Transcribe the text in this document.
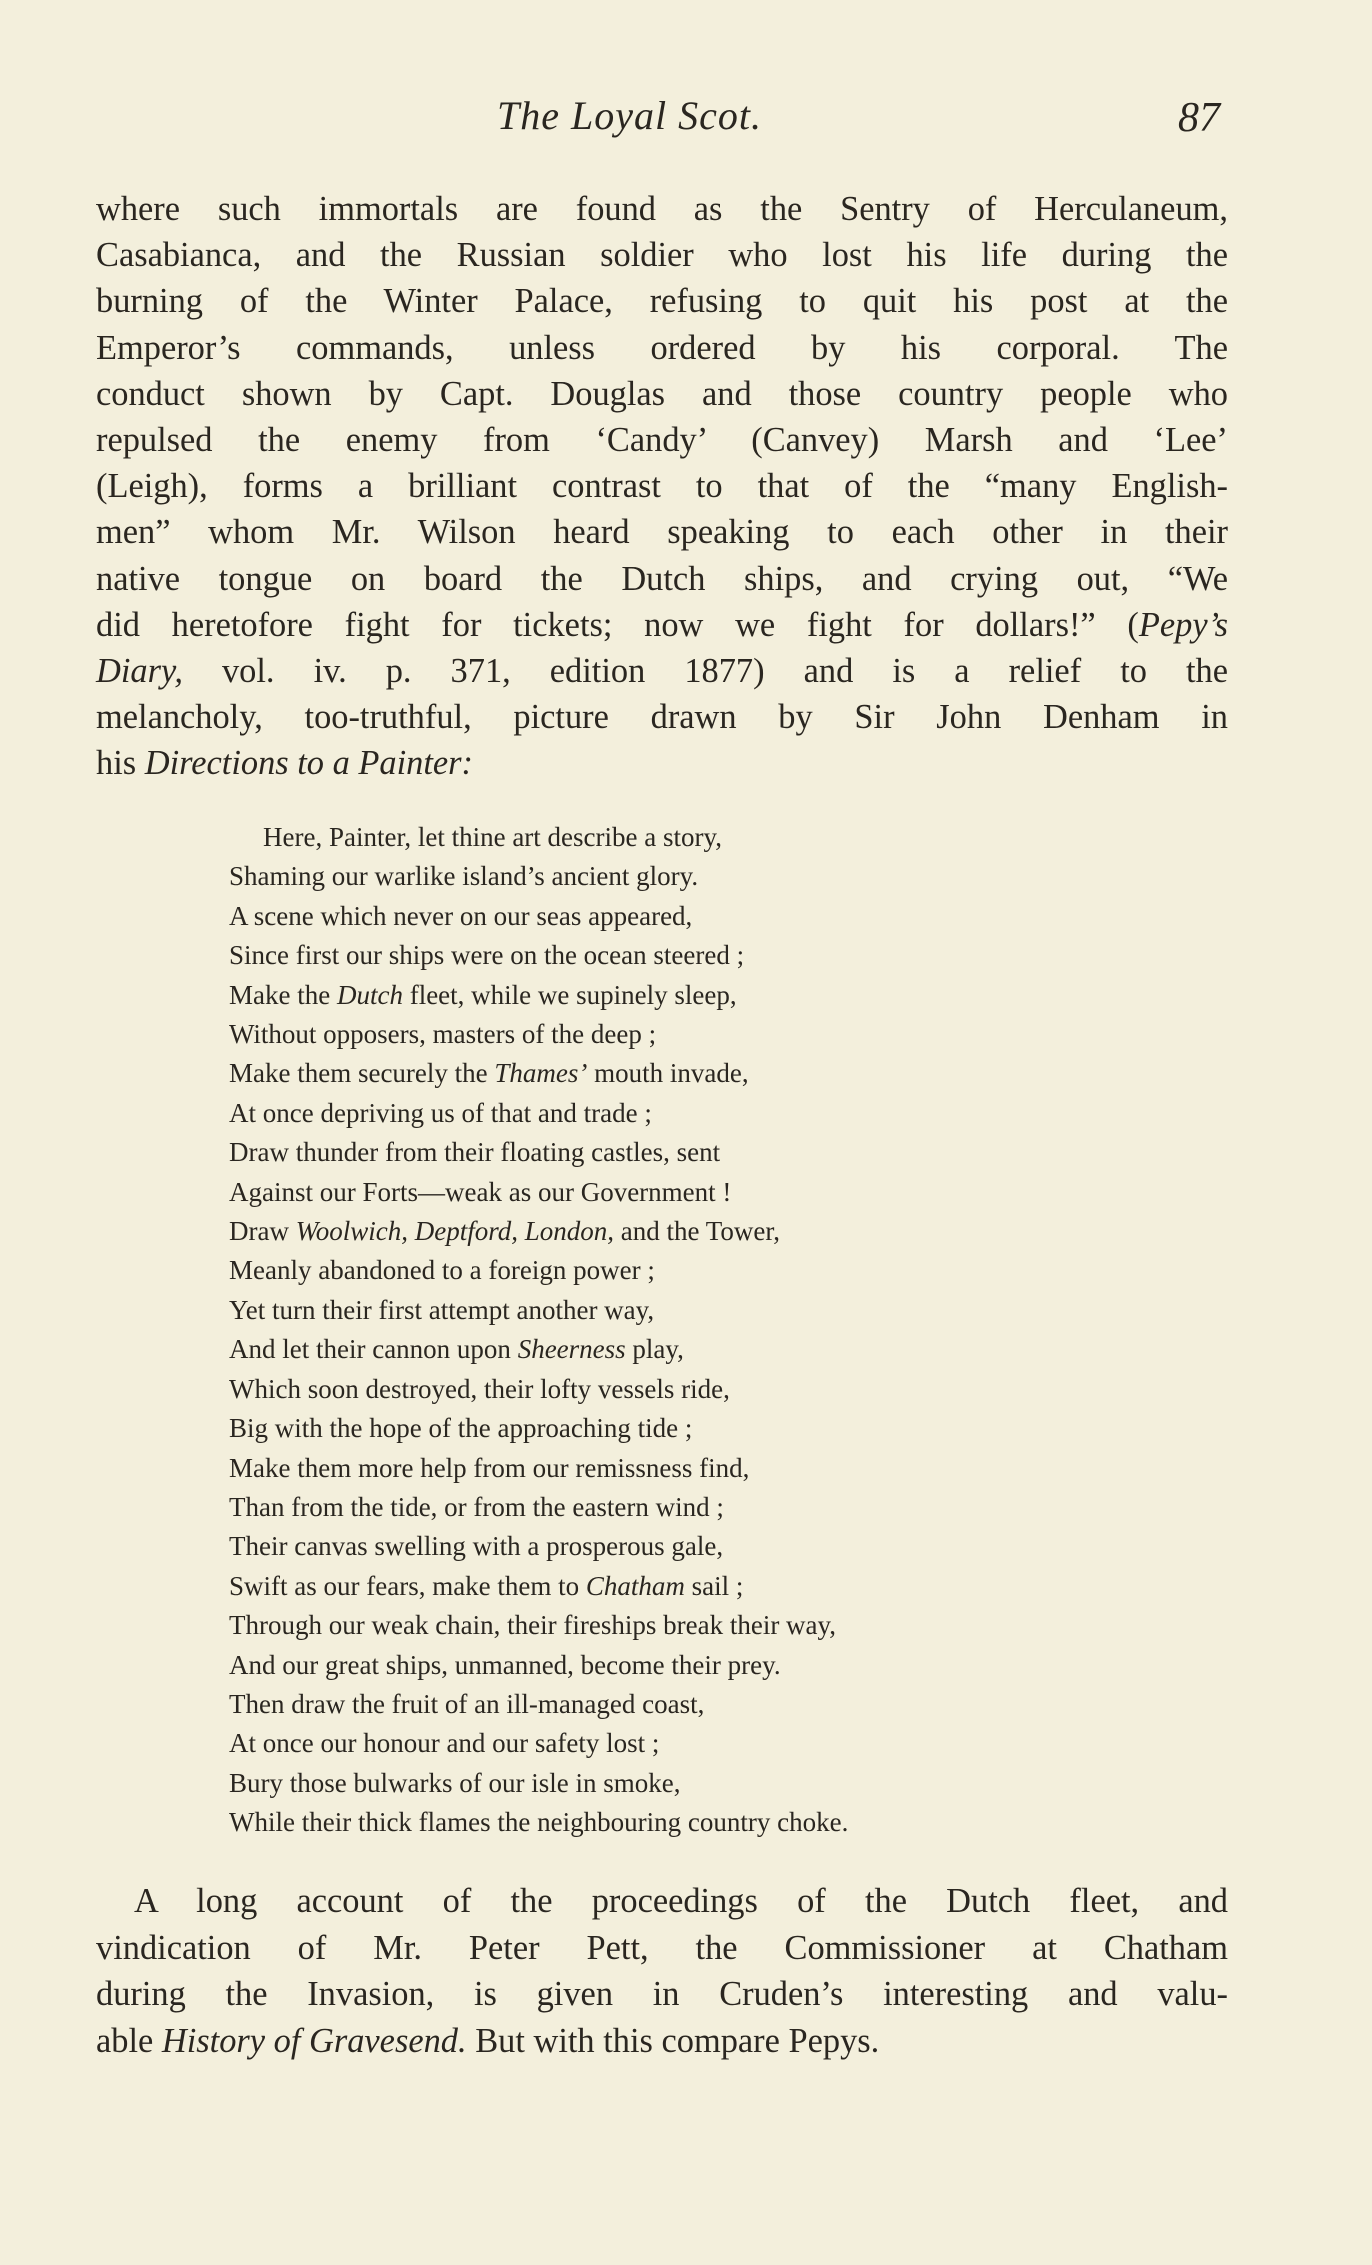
The Loyal Scot.	87
where such immortals are found as the Sentry of Herculaneum,
Casabianca, and the Russian soldier who lost his life during the
burning of the Winter Palace, refusing to quit his post at the
Emperor’s commands, unless ordered by his corporal. The
conduct shown by Capt. Douglas and those country people who
repulsed the enemy from ‘Candy’ (Canvey) Marsh and ‘Lee’
(Leigh), forms a brilliant contrast to that of the “many English-
men” whom Mr. Wilson heard speaking to each other in their
native tongue on board the Dutch ships, and crying out, “We
did heretofore fight for tickets; now we fight for dollars!” (Pepy’s
Diary, vol. iv. p. 371, edition 1877) and is a relief to the
melancholy, too-truthful, picture drawn by Sir John Denham in
his Directions to a Painter:
Here, Painter, let thine art describe a story,
Shaming our warlike island’s ancient glory.
A scene which never on our seas appeared,
Since first our ships were on the ocean steered ;
Make the Dutch fleet, while we supinely sleep,
Without opposers, masters of the deep ;
Make them securely the Thames’ mouth invade,
At once depriving us of that and trade ;
Draw thunder from their floating castles, sent
Against our Forts—weak as our Government !
Draw Woolwich, Deptford, London, and the Tower,
Meanly abandoned to a foreign power ;
Yet turn their first attempt another way,
And let their cannon upon Sheerness play,
Which soon destroyed, their lofty vessels ride,
Big with the hope of the approaching tide ;
Make them more help from our remissness find,
Than from the tide, or from the eastern wind ;
Their canvas swelling with a prosperous gale,
Swift as our fears, make them to Chatham sail ;
Through our weak chain, their fireships break their way,
And our great ships, unmanned, become their prey.
Then draw the fruit of an ill-managed coast,
At once our honour and our safety lost ;
Bury those bulwarks of our isle in smoke,
While their thick flames the neighbouring country choke.
A long account of the proceedings of the Dutch fleet, and
vindication of Mr. Peter Pett, the Commissioner at Chatham
during the Invasion, is given in Cruden’s interesting and valu-
able History of Gravesend. But with this compare Pepys.
